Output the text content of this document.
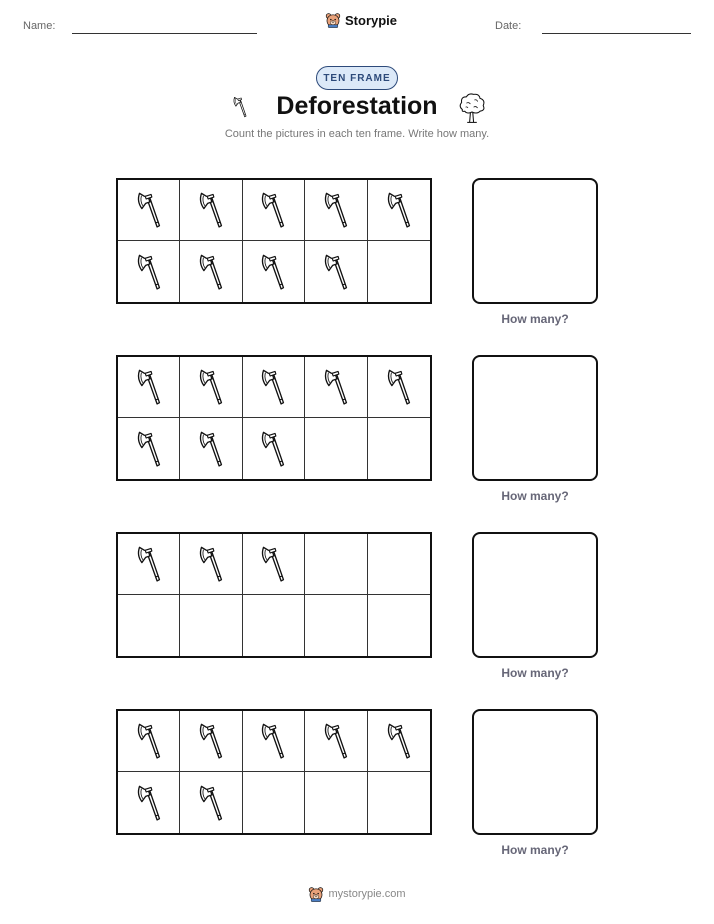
Name:	Storypie	Date:
TEN FRAME
Deforestation
Count the pictures in each ten frame. Write how many.
How many?
How many?
How many?
How many?
mystorypie.com
